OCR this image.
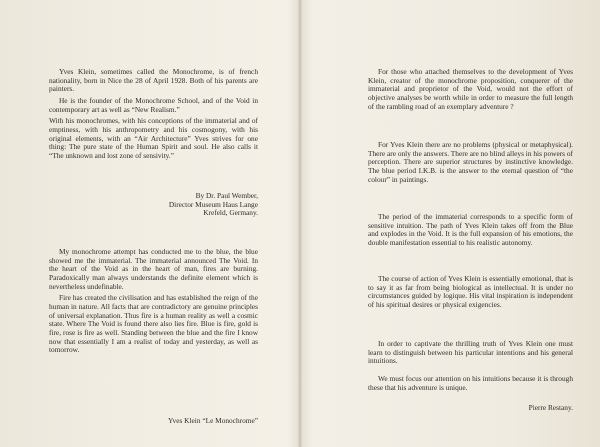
Yves Klein, sometimes called the Monochrome, is of french nationality, born in Nice the 28 of April 1928. Both of his parents are painters.

He is the founder of the Monochrome School, and of the Void in contemporary art as well as “New Realism.”

With his monochromes, with his conceptions of the immaterial and of emptiness, with his anthropometry and his cosmogony, with his original elements, with an “Air Architecture” Yves strives for one thing: The pure state of the Human Spirit and soul. He also calls it “The unknown and lost zone of sensivity.”

By Dr. Paul Wember,

Director Museum Haus Lange

Krefeld, Germany.

My monochrome attempt has conducted me to the blue, the blue showed me the immaterial. The immaterial announced The Void. In the heart of the Void as in the heart of man, fires are burning. Paradoxically man always understands the definite element which is nevertheless undefinable.

Fire has created the civilisation and has established the reign of the human in nature. All facts that are contradictory are genuine principles of universal explanation. Thus fire is a human reality as well a cosmic state. Where The Void is found there also lies fire. Blue is fire, gold is fire, rose is fire as well. Standing between the blue and the fire I know now that essentially I am a realist of today and yesterday, as well as tomorrow.

Yves Klein “Le Monochrome”

For those who attached themselves to the development of Yves Klein, creator of the monochrome proposition, conquerer of the immaterial and proprietor of the Void, would not the effort of objective analyses be worth while in order to measure the full length of the rambling road of an exemplary adventure ?

For Yves Klein there are no problems (physical or metaphysical). There are only the answers. There are no blind alleys in his powers of perception. There are superior structures by instinctive knowledge. The blue period I.K.B. is the answer to the eternal question of “the colour” in paintings.

The period of the immaterial corresponds to a specific form of sensitive intuition. The path of Yves Klein takes off from the Blue and explodes in the Void. It is the full expansion of his emotions, the double manifestation essential to his realistic autonomy.

The course of action of Yves Klein is essentially emotional, that is to say it as far from being biological as intellectual. It is under no circumstances guided by logique. His vital inspiration is independent of his spiritual desires or physical exigencies.

In order to captivate the thrilling truth of Yves Klein one must learn to distinguish between his particular intentions and his general intuitions.

We must focus our attention on his intuitions because it is through these that his adventure is unique.

Pierre Restany.
